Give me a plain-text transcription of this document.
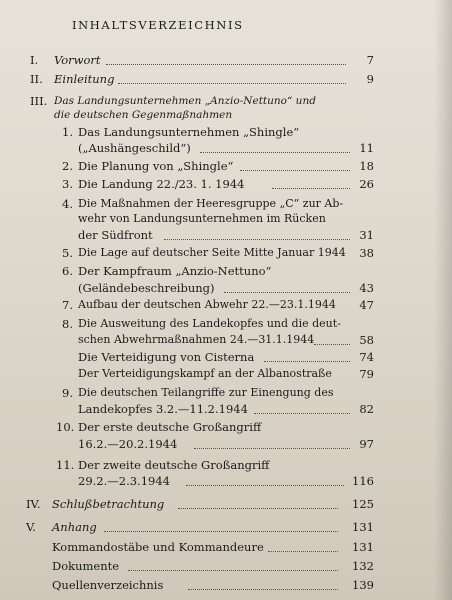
INHALTSVERZEICHNIS
I. Vorwort	7
II. Einleitung	9
III. Das Landungsunternehmen „Anzio-Nettuno“ und
die deutschen Gegenmaßnahmen
1. Das Landungsunternehmen „Shingle“
(„Aushängeschild“)	11
2. Die Planung von „Shingle“	18
3. Die Landung 22./23. 1. 1944	26
4. Die Maßnahmen der Heeresgruppe „C“ zur Ab-
wehr von Landungsunternehmen im Rücken
der Südfront	31
5. Die Lage auf deutscher Seite Mitte Januar 1944	38
6. Der Kampfraum „Anzio-Nettuno“
(Geländebeschreibung)	43
7. Aufbau der deutschen Abwehr 22.—23.1.1944	47
8. Die Ausweitung des Landekopfes und die deut-
schen Abwehrmaßnahmen 24.—31.1.1944	58
Die Verteidigung von Cisterna	74
Der Verteidigungskampf an der Albanostraße	79
9. Die deutschen Teilangriffe zur Einengung des
Landekopfes 3.2.—11.2.1944	82
10. Der erste deutsche Großangriff
16.2.—20.2.1944	97
11. Der zweite deutsche Großangriff
29.2.—2.3.1944	116
IV. Schlußbetrachtung	125
V. Anhang	131
Kommandostäbe und Kommandeure	131
Dokumente	132
Quellenverzeichnis	139
